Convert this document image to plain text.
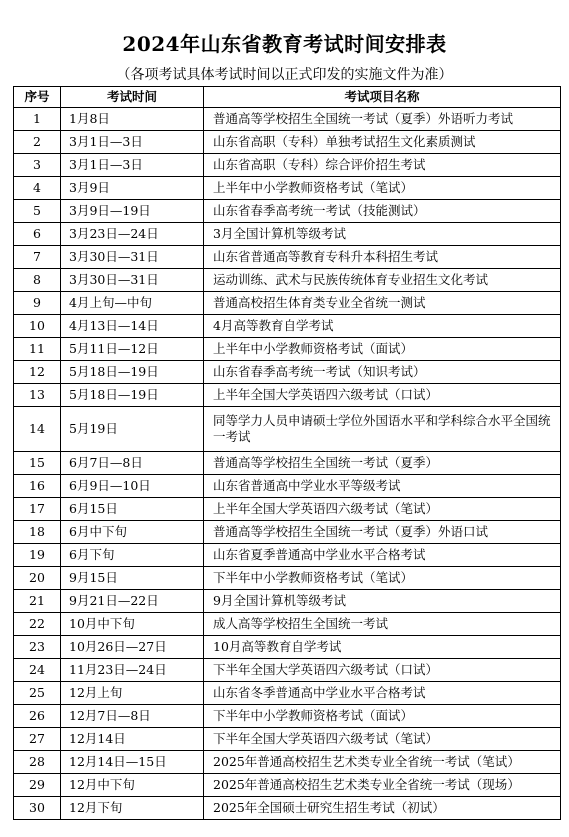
2024年山东省教育考试时间安排表
（各项考试具体考试时间以正式印发的实施文件为准）
序号	考试时间	考试项目名称
1	1月8日	普通高等学校招生全国统一考试（夏季）外语听力考试
2	3月1日—3日	山东省高职（专科）单独考试招生文化素质测试
3	3月1日—3日	山东省高职（专科）综合评价招生考试
4	3月9日	上半年中小学教师资格考试（笔试）
5	3月9日—19日	山东省春季高考统一考试（技能测试）
6	3月23日—24日	3月全国计算机等级考试
7	3月30日—31日	山东省普通高等教育专科升本科招生考试
8	3月30日—31日	运动训练、武术与民族传统体育专业招生文化考试
9	4月上旬—中旬	普通高校招生体育类专业全省统一测试
10	4月13日—14日	4月高等教育自学考试
11	5月11日—12日	上半年中小学教师资格考试（面试）
12	5月18日—19日	山东省春季高考统一考试（知识考试）
13	5月18日—19日	上半年全国大学英语四六级考试（口试）
14	5月19日	同等学力人员申请硕士学位外国语水平和学科综合水平全国统一考试
15	6月7日—8日	普通高等学校招生全国统一考试（夏季）
16	6月9日—10日	山东省普通高中学业水平等级考试
17	6月15日	上半年全国大学英语四六级考试（笔试）
18	6月中下旬	普通高等学校招生全国统一考试（夏季）外语口试
19	6月下旬	山东省夏季普通高中学业水平合格考试
20	9月15日	下半年中小学教师资格考试（笔试）
21	9月21日—22日	9月全国计算机等级考试
22	10月中下旬	成人高等学校招生全国统一考试
23	10月26日—27日	10月高等教育自学考试
24	11月23日—24日	下半年全国大学英语四六级考试（口试）
25	12月上旬	山东省冬季普通高中学业水平合格考试
26	12月7日—8日	下半年中小学教师资格考试（面试）
27	12月14日	下半年全国大学英语四六级考试（笔试）
28	12月14日—15日	2025年普通高校招生艺术类专业全省统一考试（笔试）
29	12月中下旬	2025年普通高校招生艺术类专业全省统一考试（现场）
30	12月下旬	2025年全国硕士研究生招生考试（初试）
